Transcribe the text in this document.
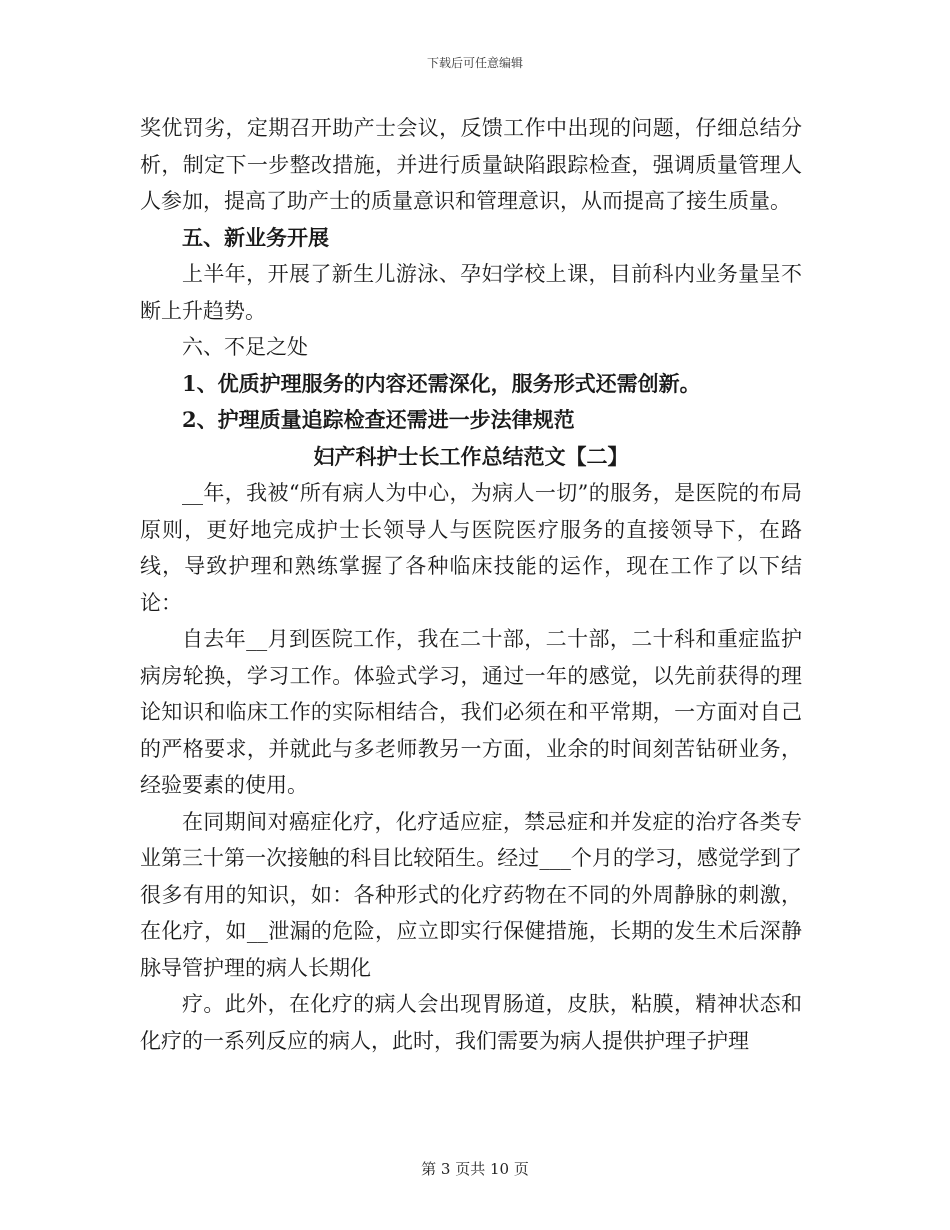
下载后可任意编辑

奖优罚劣，定期召开助产士会议，反馈工作中出现的问题，仔细总结分析，制定下一步整改措施，并进行质量缺陷跟踪检查，强调质量管理人人参加，提高了助产士的质量意识和管理意识，从而提高了接生质量。

五、新业务开展

上半年，开展了新生儿游泳、孕妇学校上课，目前科内业务量呈不断上升趋势。

六、不足之处

1、优质护理服务的内容还需深化，服务形式还需创新。

2、护理质量追踪检查还需进一步法律规范

妇产科护士长工作总结范文【二】

__年，我被“所有病人为中心，为病人一切”的服务，是医院的布局原则，更好地完成护士长领导人与医院医疗服务的直接领导下，在路线，导致护理和熟练掌握了各种临床技能的运作，现在工作了以下结论：

自去年__月到医院工作，我在二十部，二十部，二十科和重症监护病房轮换，学习工作。体验式学习，通过一年的感觉，以先前获得的理论知识和临床工作的实际相结合，我们必须在和平常期，一方面对自己的严格要求，并就此与多老师教另一方面，业余的时间刻苦钻研业务，经验要素的使用。

在同期间对癌症化疗，化疗适应症，禁忌症和并发症的治疗各类专业第三十第一次接触的科目比较陌生。经过___个月的学习，感觉学到了很多有用的知识，如：各种形式的化疗药物在不同的外周静脉的刺激，在化疗，如__泄漏的危险，应立即实行保健措施，长期的发生术后深静脉导管护理的病人长期化

疗。此外，在化疗的病人会出现胃肠道，皮肤，粘膜，精神状态和化疗的一系列反应的病人，此时，我们需要为病人提供护理子护理

第 3 页共 10 页
